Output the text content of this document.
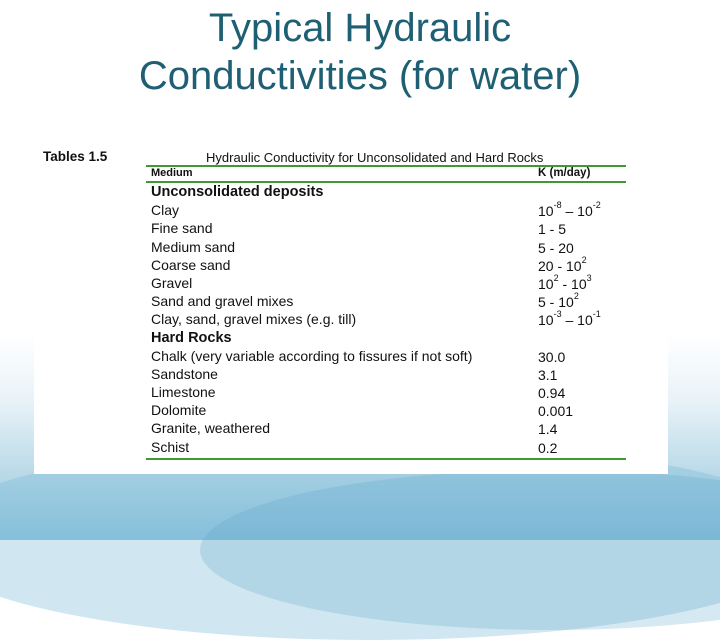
Typical Hydraulic
Conductivities (for water)
Tables 1.5	Hydraulic Conductivity for Unconsolidated and Hard Rocks
Medium	K (m/day)
Unconsolidated deposits
Clay	$10^{-8} - 10^{-2}$
Fine sand	1 - 5
Medium sand	5 - 20
Coarse sand	$20 - 10^2$
Gravel	$10^2 - 10^3$
Sand and gravel mixes	$5 - 10^2$
Clay, sand, gravel mixes (e.g. till)	$10^{-3} - 10^{-1}$
Hard Rocks
Chalk (very variable according to fissures if not soft)	30.0
Sandstone	3.1
Limestone	0.94
Dolomite	0.001
Granite, weathered	1.4
Schist	0.2
